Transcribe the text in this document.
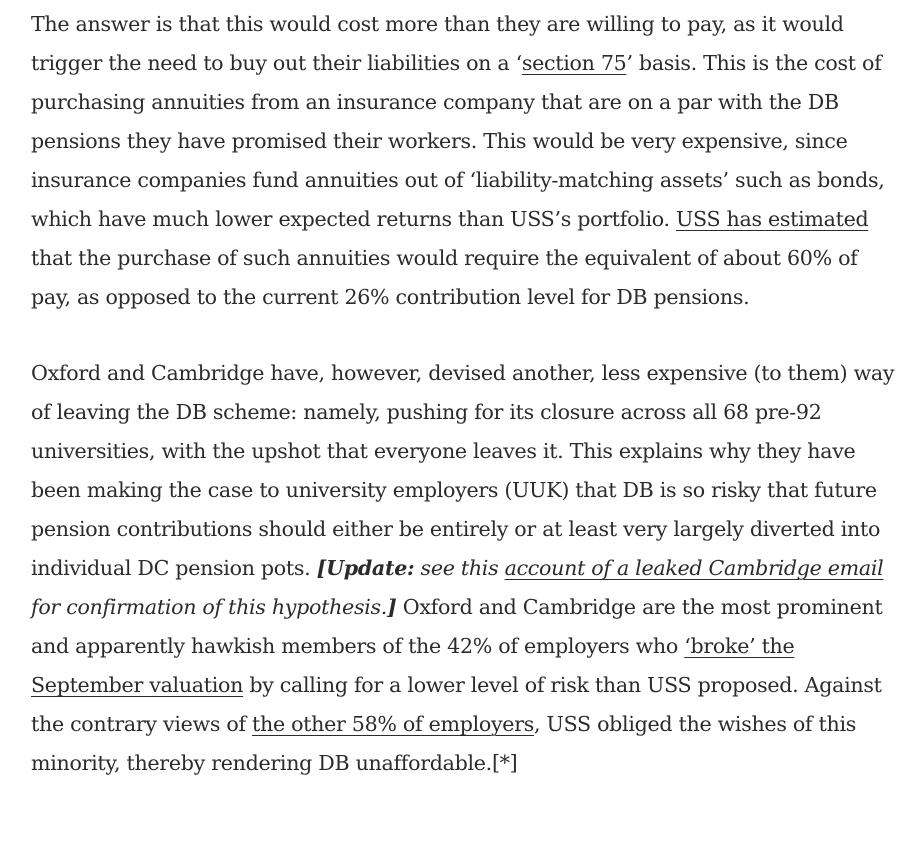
The answer is that this would cost more than they are willing to pay, as it would trigger the need to buy out their liabilities on a ‘section 75’ basis. This is the cost of purchasing annuities from an insurance company that are on a par with the DB pensions they have promised their workers. This would be very expensive, since insurance companies fund annuities out of ‘liability-matching assets’ such as bonds, which have much lower expected returns than USS’s portfolio. USS has estimated that the purchase of such annuities would require the equivalent of about 60% of pay, as opposed to the current 26% contribution level for DB pensions.

Oxford and Cambridge have, however, devised another, less expensive (to them) way of leaving the DB scheme: namely, pushing for its closure across all 68 pre-92 universities, with the upshot that everyone leaves it. This explains why they have been making the case to university employers (UUK) that DB is so risky that future pension contributions should either be entirely or at least very largely diverted into individual DC pension pots. [Update: see this account of a leaked Cambridge email for confirmation of this hypothesis.] Oxford and Cambridge are the most prominent and apparently hawkish members of the 42% of employers who ‘broke’ the September valuation by calling for a lower level of risk than USS proposed. Against the contrary views of the other 58% of employers, USS obliged the wishes of this minority, thereby rendering DB unaffordable.[*]
